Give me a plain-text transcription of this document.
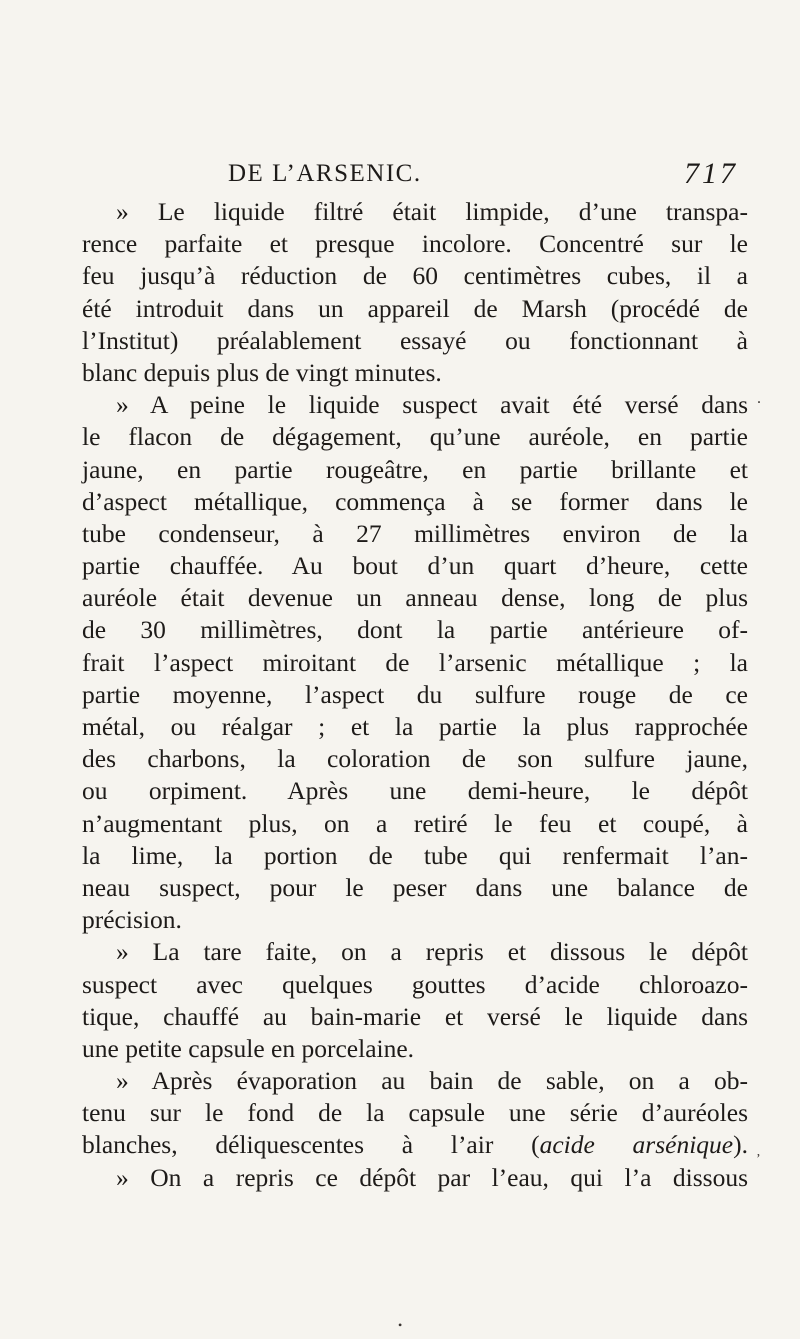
DE L’ARSENIC.	717
» Le liquide filtré était limpide, d’une transpa-
rence parfaite et presque incolore. Concentré sur le
feu jusqu’à réduction de 60 centimètres cubes, il a
été introduit dans un appareil de Marsh (procédé de
l’Institut) préalablement essayé ou fonctionnant à
blanc depuis plus de vingt minutes.
» A peine le liquide suspect avait été versé dans
le flacon de dégagement, qu’une auréole, en partie
jaune, en partie rougeâtre, en partie brillante et
d’aspect métallique, commença à se former dans le
tube condenseur, à 27 millimètres environ de la
partie chauffée. Au bout d’un quart d’heure, cette
auréole était devenue un anneau dense, long de plus
de 30 millimètres, dont la partie antérieure of-
frait l’aspect miroitant de l’arsenic métallique ; la
partie moyenne, l’aspect du sulfure rouge de ce
métal, ou réalgar ; et la partie la plus rapprochée
des charbons, la coloration de son sulfure jaune,
ou orpiment. Après une demi-heure, le dépôt
n’augmentant plus, on a retiré le feu et coupé, à
la lime, la portion de tube qui renfermait l’an-
neau suspect, pour le peser dans une balance de
précision.
» La tare faite, on a repris et dissous le dépôt
suspect avec quelques gouttes d’acide chloroazo-
tique, chauffé au bain-marie et versé le liquide dans
une petite capsule en porcelaine.
» Après évaporation au bain de sable, on a ob-
tenu sur le fond de la capsule une série d’auréoles
blanches, déliquescentes à l’air (acide arsénique).
» On a repris ce dépôt par l’eau, qui l’a dissous
.
’
•
